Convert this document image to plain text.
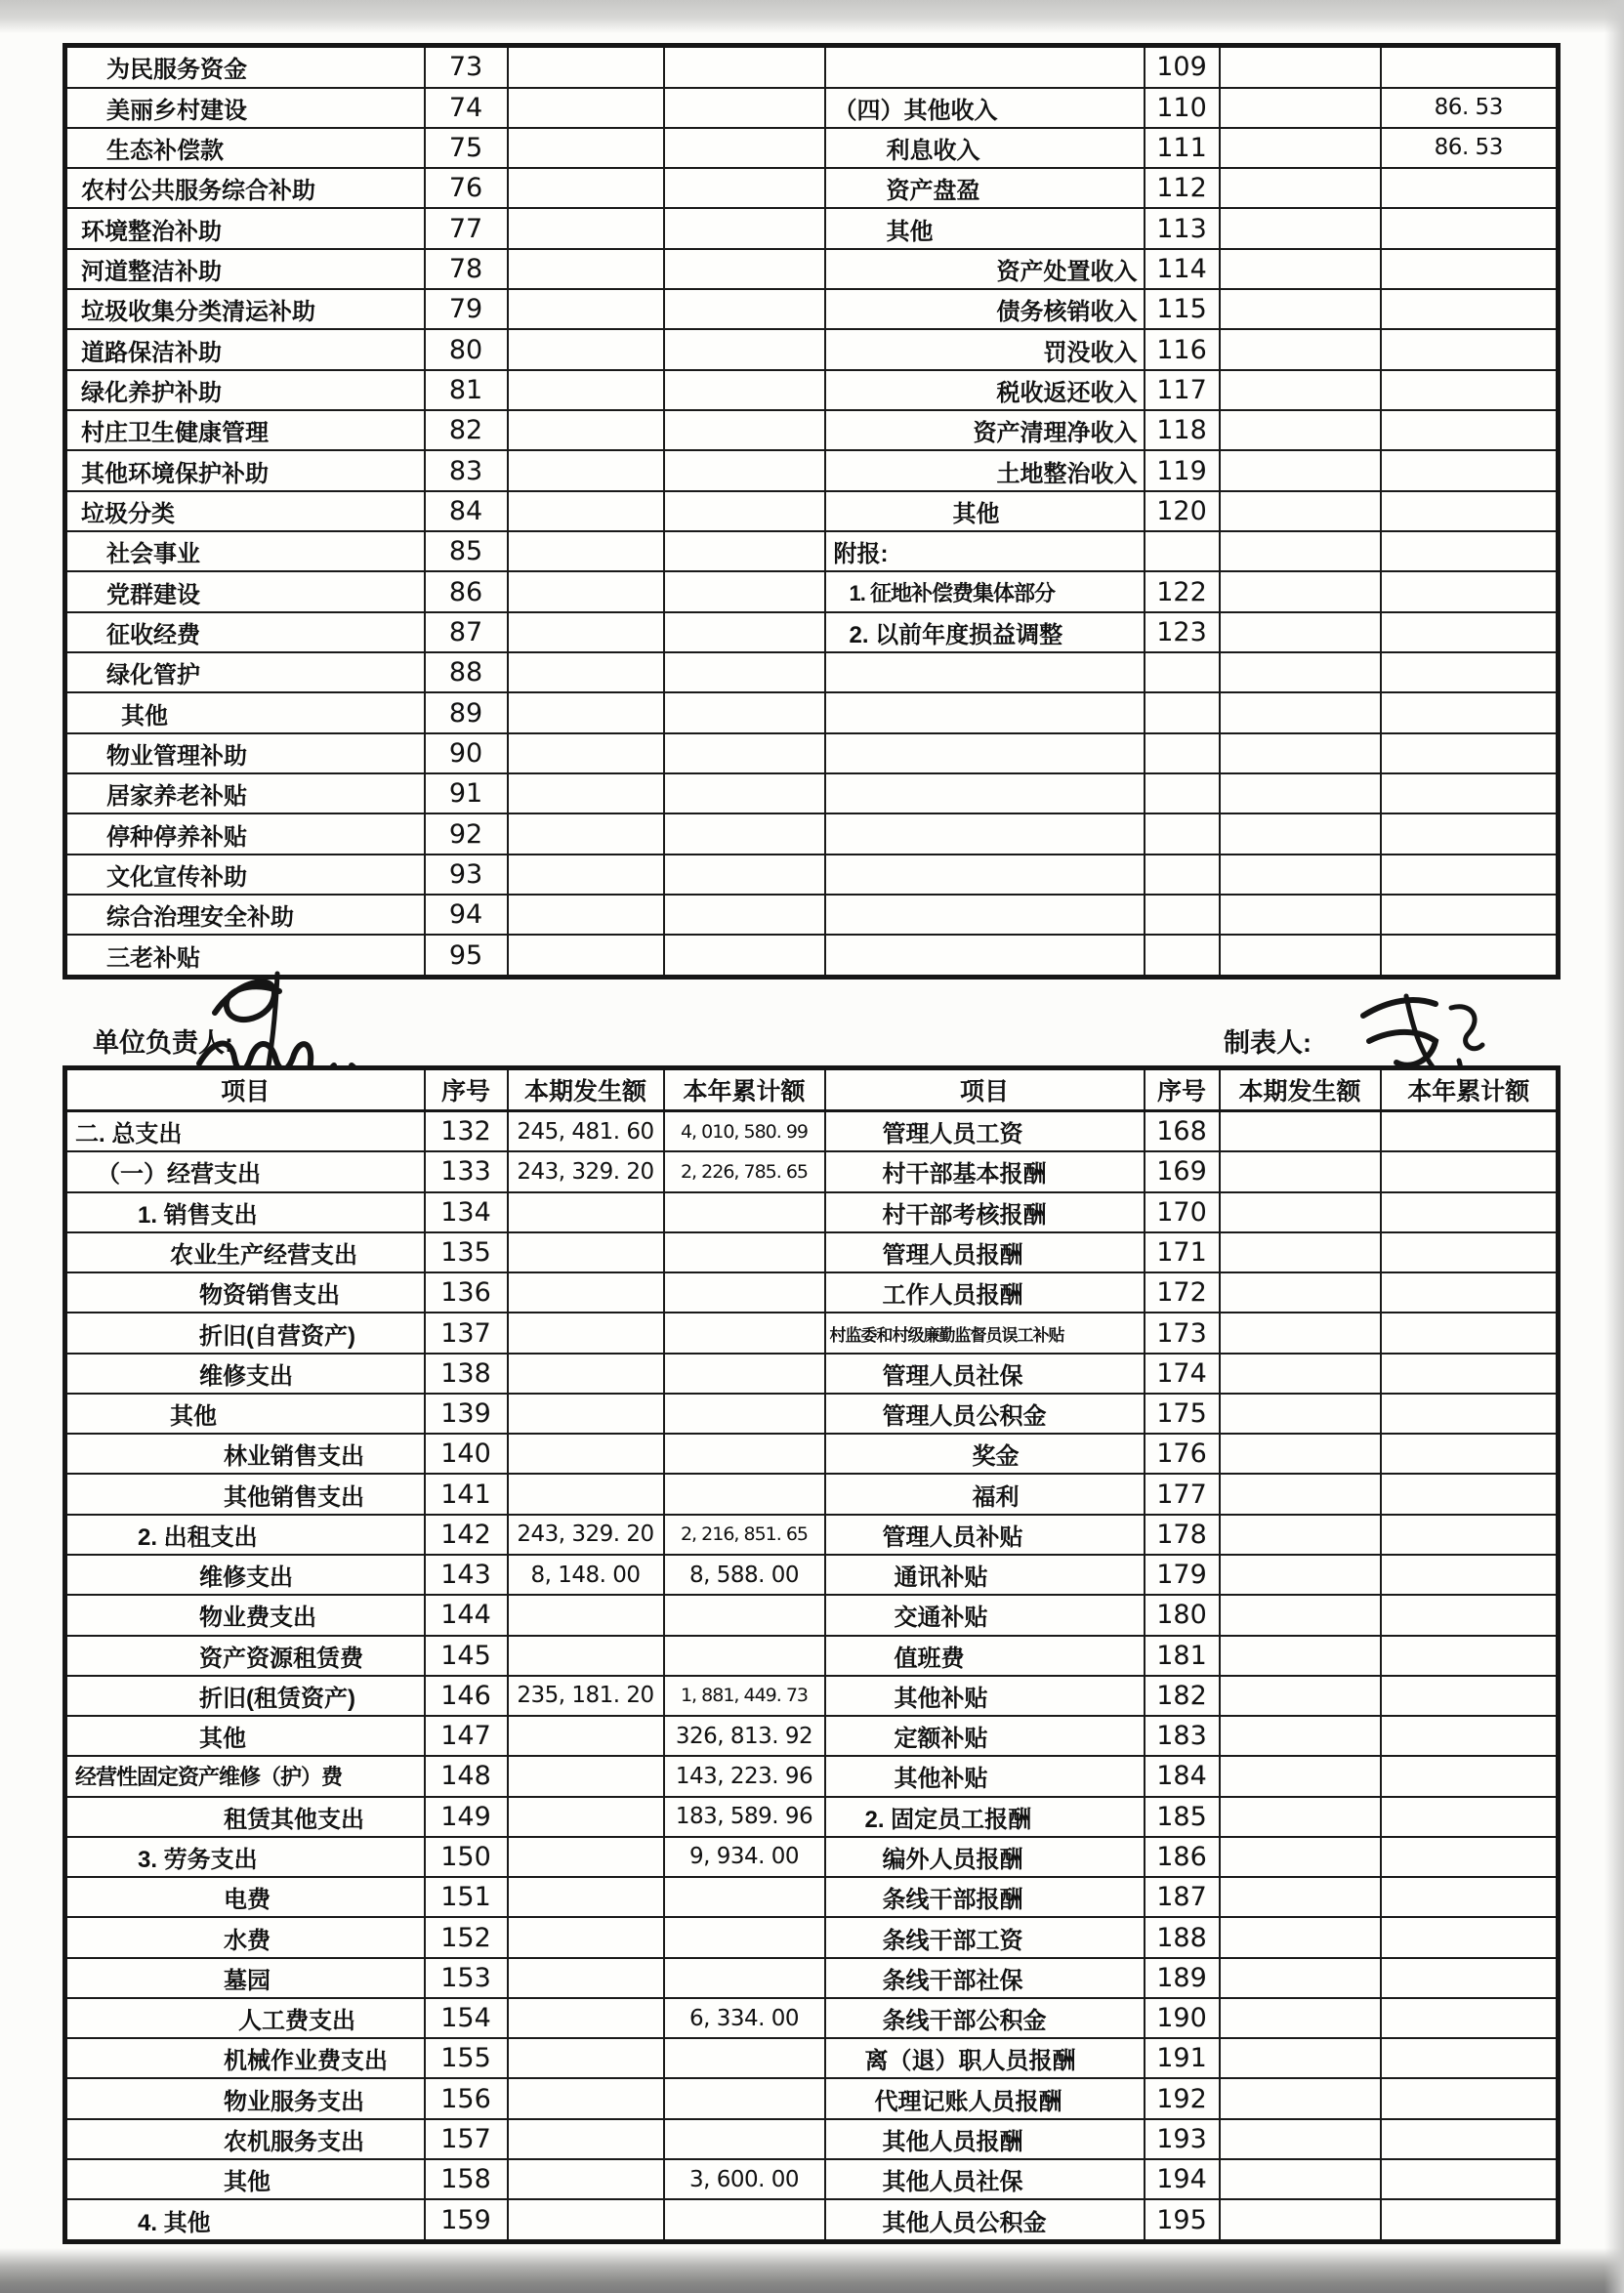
为民服务资金	73				109		
美丽乡村建设	74			（四）其他收入	110		86. 53
生态补偿款	75			利息收入	111		86. 53
农村公共服务综合补助	76			资产盘盈	112		
环境整治补助	77			其他	113		
河道整洁补助	78			资产处置收入	114		
垃圾收集分类清运补助	79			债务核销收入	115		
道路保洁补助	80			罚没收入	116		
绿化养护补助	81			税收返还收入	117		
村庄卫生健康管理	82			资产清理净收入	118		
其他环境保护补助	83			土地整治收入	119		
垃圾分类	84			其他	120		
社会事业	85			附报:			
党群建设	86			1. 征地补偿费集体部分	122		
征收经费	87			2. 以前年度损益调整	123		
绿化管护	88						
其他	89						
物业管理补助	90						
居家养老补贴	91						
停种停养补贴	92						
文化宣传补助	93						
综合治理安全补助	94						
三老补贴	95						
单位负责人:	制表人:
项目	序号	本期发生额	本年累计额	项目	序号	本期发生额	本年累计额
二. 总支出	132	245, 481. 60	4, 010, 580. 99	管理人员工资	168		
（一）经营支出	133	243, 329. 20	2, 226, 785. 65	村干部基本报酬	169		
1. 销售支出	134			村干部考核报酬	170		
农业生产经营支出	135			管理人员报酬	171		
物资销售支出	136			工作人员报酬	172		
折旧(自营资产)	137			村监委和村级廉勤监督员误工补贴	173		
维修支出	138			管理人员社保	174		
其他	139			管理人员公积金	175		
林业销售支出	140			奖金	176		
其他销售支出	141			福利	177		
2. 出租支出	142	243, 329. 20	2, 216, 851. 65	管理人员补贴	178		
维修支出	143	8, 148. 00	8, 588. 00	通讯补贴	179		
物业费支出	144			交通补贴	180		
资产资源租赁费	145			值班费	181		
折旧(租赁资产)	146	235, 181. 20	1, 881, 449. 73	其他补贴	182		
其他	147		326, 813. 92	定额补贴	183		
经营性固定资产维修（护）费	148		143, 223. 96	其他补贴	184		
租赁其他支出	149		183, 589. 96	2. 固定员工报酬	185		
3. 劳务支出	150		9, 934. 00	编外人员报酬	186		
电费	151			条线干部报酬	187		
水费	152			条线干部工资	188		
墓园	153			条线干部社保	189		
人工费支出	154		6, 334. 00	条线干部公积金	190		
机械作业费支出	155			离（退）职人员报酬	191		
物业服务支出	156			代理记账人员报酬	192		
农机服务支出	157			其他人员报酬	193		
其他	158		3, 600. 00	其他人员社保	194		
4. 其他	159			其他人员公积金	195		
